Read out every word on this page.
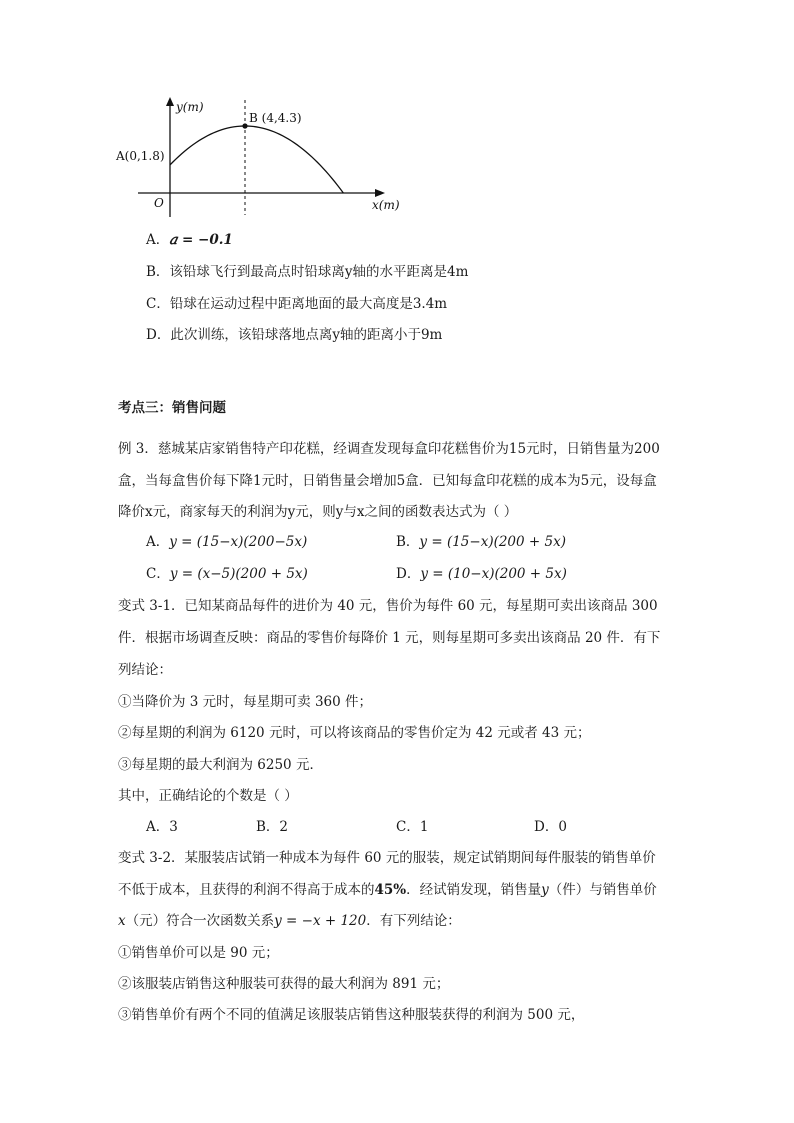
y(m)
x(m)
O
A(0,1.8)
B (4,4.3)
A．𝑎 = −0.1
B．该铅球飞行到最高点时铅球离y轴的水平距离是4m
C．铅球在运动过程中距离地面的最大高度是3.4m
D．此次训练，该铅球落地点离y轴的距离小于9m
考点三：销售问题
例 3．慈城某店家销售特产印花糕，经调查发现每盒印花糕售价为15元时，日销售量为200
盒，当每盒售价每下降1元时，日销售量会增加5盒．已知每盒印花糕的成本为5元，设每盒
降价x元，商家每天的利润为y元，则y与x之间的函数表达式为（ ）
A．𝑦 = (15−𝑥)(200−5𝑥)	B．𝑦 = (15−𝑥)(200 + 5𝑥)
C．𝑦 = (𝑥−5)(200 + 5𝑥)	D．𝑦 = (10−𝑥)(200 + 5𝑥)
变式 3-1．已知某商品每件的进价为 40 元，售价为每件 60 元，每星期可卖出该商品 300
件．根据市场调查反映：商品的零售价每降价 1 元，则每星期可多卖出该商品 20 件．有下
列结论：
①当降价为 3 元时，每星期可卖 360 件；
②每星期的利润为 6120 元时，可以将该商品的零售价定为 42 元或者 43 元；
③每星期的最大利润为 6250 元．
其中，正确结论的个数是（ ）
A．3	B．2	C．1	D．0
变式 3-2．某服装店试销一种成本为每件 60 元的服装，规定试销期间每件服装的销售单价
不低于成本，且获得的利润不得高于成本的45%．经试销发现，销售量y（件）与销售单价
x（元）符合一次函数关系𝑦 = −𝑥 + 120．有下列结论：
①销售单价可以是 90 元；
②该服装店销售这种服装可获得的最大利润为 891 元；
③销售单价有两个不同的值满足该服装店销售这种服装获得的利润为 500 元，
